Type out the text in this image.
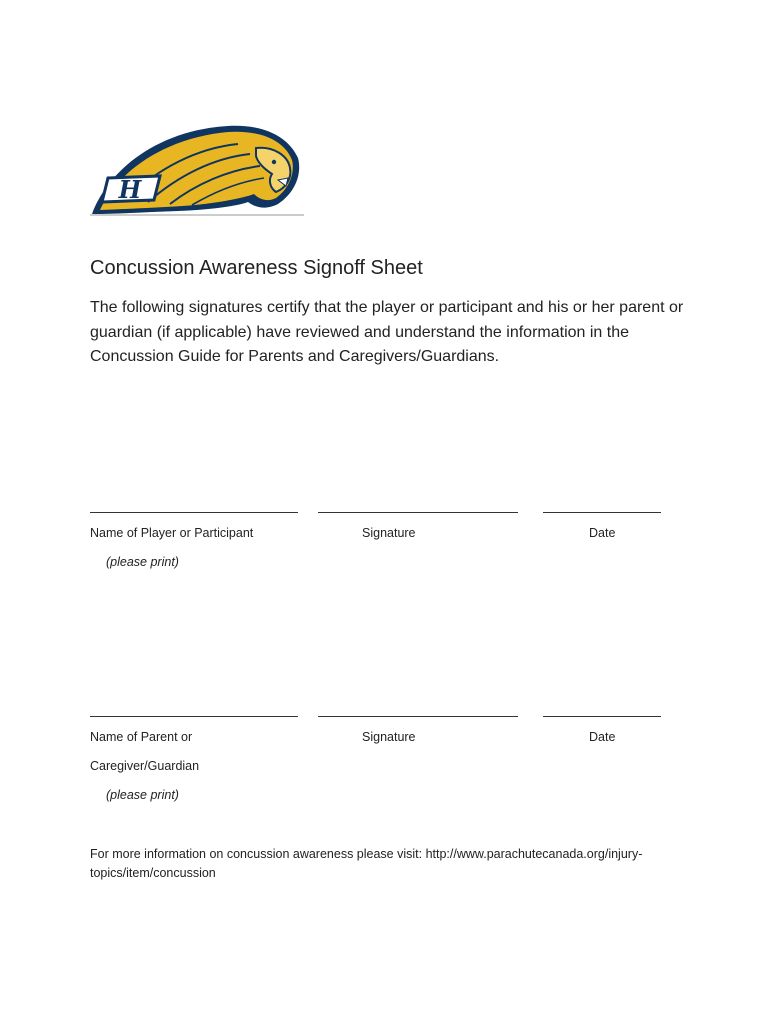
H
Concussion Awareness Signoff Sheet
The following signatures certify that the player or participant and his or her parent or guardian (if applicable) have reviewed and understand the information in the Concussion Guide for Parents and Caregivers/Guardians.
Name of Player or Participant	Signature	Date
(please print)
Name of Parent or
Caregiver/Guardian
Signature	Date
(please print)
For more information on concussion awareness please visit: http://www.parachutecanada.org/injury-topics/item/concussion
